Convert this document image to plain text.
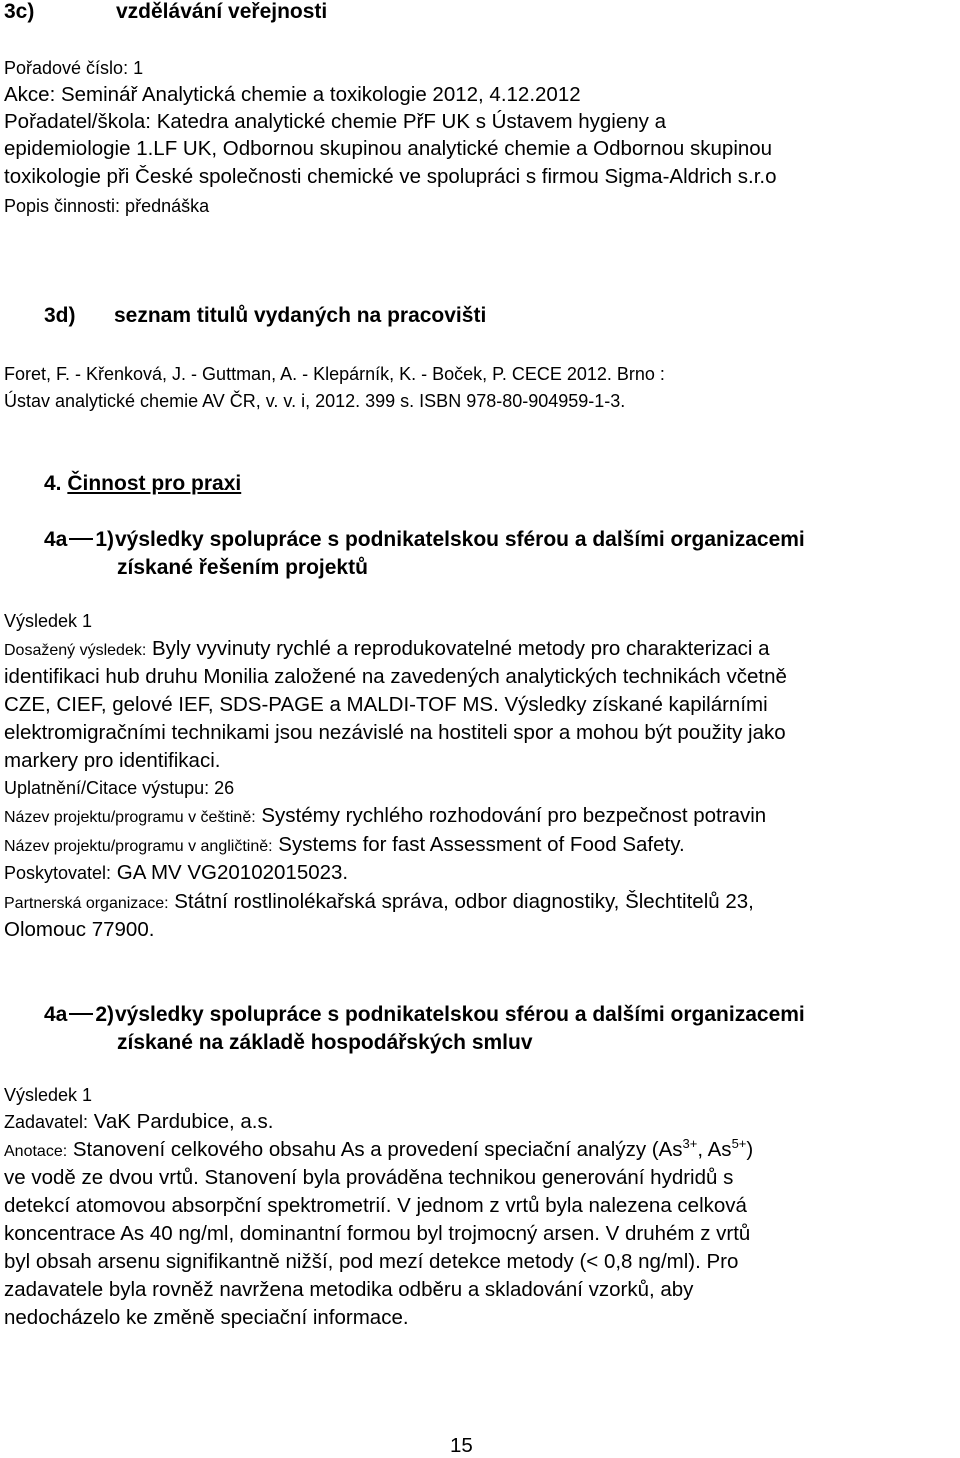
3c)	vzdělávání veřejnosti
Pořadové číslo: 1
Akce: Seminář Analytická chemie a toxikologie 2012, 4.12.2012
Pořadatel/škola: Katedra analytické chemie PřF UK s Ústavem hygieny a
epidemiologie 1.LF UK, Odbornou skupinou analytické chemie a Odbornou skupinou
toxikologie při České společnosti chemické ve spolupráci s firmou Sigma-Aldrich s.r.o
Popis činnosti: přednáška
3d) seznam titulů vydaných na pracovišti
Foret, F. - Křenková, J. - Guttman, A. - Klepárník, K. - Boček, P. CECE 2012. Brno :
Ústav analytické chemie AV ČR, v. v. i, 2012. 399 s. ISBN 978-80-904959-1-3.
4. Činnost pro praxi
4a 1)výsledky spolupráce s podnikatelskou sférou a dalšími organizacemi
získané řešením projektů
Výsledek 1
Dosažený výsledek: Byly vyvinuty rychlé a reprodukovatelné metody pro charakterizaci a
identifikaci hub druhu Monilia založené na zavedených analytických technikách včetně
CZE, CIEF, gelové IEF, SDS-PAGE a MALDI-TOF MS. Výsledky získané kapilárními
elektromigračními technikami jsou nezávislé na hostiteli spor a mohou být použity jako
markery pro identifikaci.
Uplatnění/Citace výstupu: 26
Název projektu/programu v češtině: Systémy rychlého rozhodování pro bezpečnost potravin
Název projektu/programu v angličtině: Systems for fast Assessment of Food Safety.
Poskytovatel: GA MV VG20102015023.
Partnerská organizace: Státní rostlinolékařská správa, odbor diagnostiky, Šlechtitelů 23,
Olomouc 77900.
4a 2)výsledky spolupráce s podnikatelskou sférou a dalšími organizacemi
získané na základě hospodářských smluv
Výsledek 1
Zadavatel: VaK Pardubice, a.s.
Anotace: Stanovení celkového obsahu As a provedení speciační analýzy ($As^{3+}$, $As^{5+}$)
ve vodě ze dvou vrtů. Stanovení byla prováděna technikou generování hydridů s
detekcí atomovou absorpční spektrometrií. V jednom z vrtů byla nalezena celková
koncentrace As 40 ng/ml, dominantní formou byl trojmocný arsen. V druhém z vrtů
byl obsah arsenu signifikantně nižší, pod mezí detekce metody (< 0,8 ng/ml). Pro
zadavatele byla rovněž navržena metodika odběru a skladování vzorků, aby
nedocházelo ke změně speciační informace.
15
